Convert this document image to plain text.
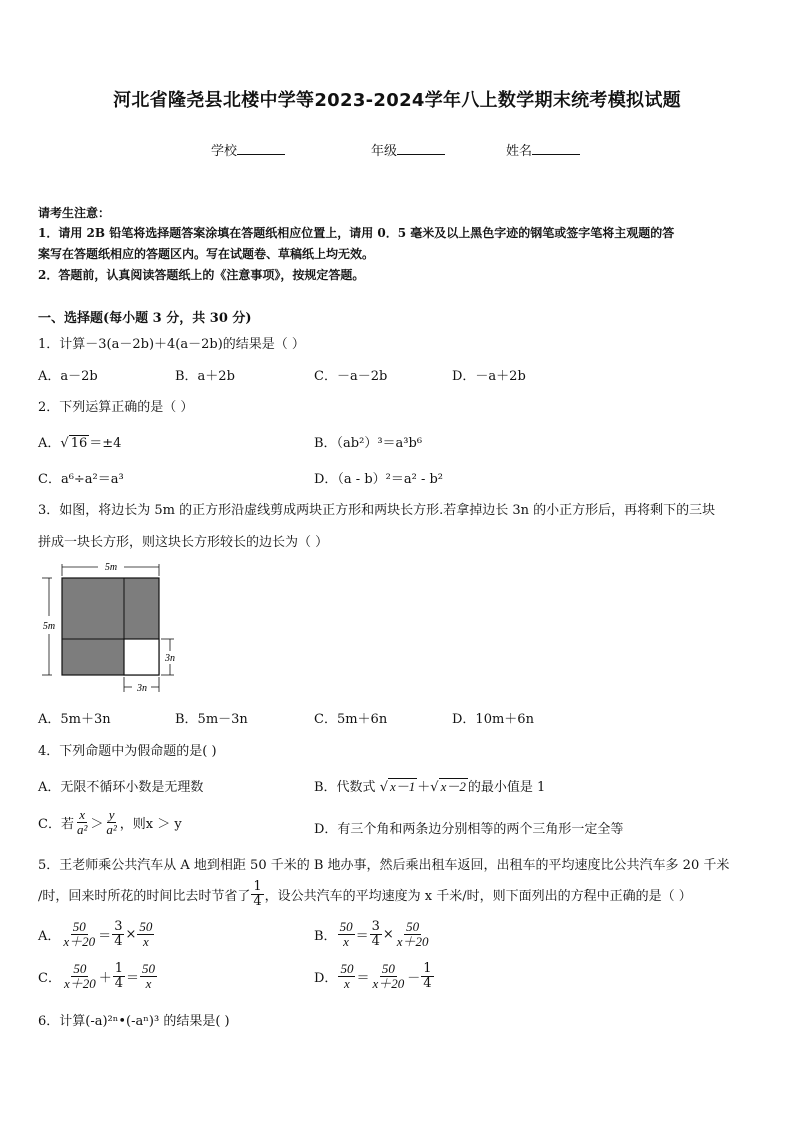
河北省隆尧县北楼中学等2023-2024学年八上数学期末统考模拟试题
学校	年级	姓名
请考生注意：
1．请用 2B 铅笔将选择题答案涂填在答题纸相应位置上，请用 0．5 毫米及以上黑色字迹的钢笔或签字笔将主观题的答
案写在答题纸相应的答题区内。写在试题卷、草稿纸上均无效。
2．答题前，认真阅读答题纸上的《注意事项》，按规定答题。
一、选择题(每小题 3 分，共 30 分)
1．计算－3(a－2b)＋4(a－2b)的结果是（ ）
A．a－2b	B．a＋2b	C．－a－2b	D．－a＋2b
2．下列运算正确的是（ ）
A．√ 16 ＝±4	B．（ab²）³＝a³b⁶
C．a⁶÷a²＝a³	D．（a - b）²＝a² - b²
3．如图，将边长为 5m 的正方形沿虚线剪成两块正方形和两块长方形.若拿掉边长 3n 的小正方形后，再将剩下的三块
拼成一块长方形，则这块长方形较长的边长为（ ）
5m
5m
3n
3n
A．5m＋3n	B．5m－3n	C．5m＋6n	D．10m＋6n
4．下列命题中为假命题的是( )
A．无限不循环小数是无理数	B．代数式 √ x－1 ＋√ x－2 的最小值是 1
C．若 $\frac{x}{\text{a²}} > \frac{y}{\text{a²}}$ ，则x ＞ y	D．有三个角和两条边分别相等的两个三角形一定全等
5．王老师乘公共汽车从 A 地到相距 50 千米的 B 地办事，然后乘出租车返回，出租车的平均速度比公共汽车多 20 千米
/时，回来时所花的时间比去时节省了 $\frac{1}{4}$ ，设公共汽车的平均速度为 x 千米/时，则下面列出的方程中正确的是（ ）
A． $\frac{50}{x+20} = \frac{3}{4} \times \frac{50}{x}$	B． $\frac{50}{x} = \frac{3}{4} \times \frac{50}{x+20}$
C． $\frac{50}{x+20} + \frac{1}{4} = \frac{50}{x}$	D． $\frac{50}{x} = \frac{50}{x+20} - \frac{1}{4}$
6．计算(-a)²ⁿ•(-aⁿ)³ 的结果是( )
